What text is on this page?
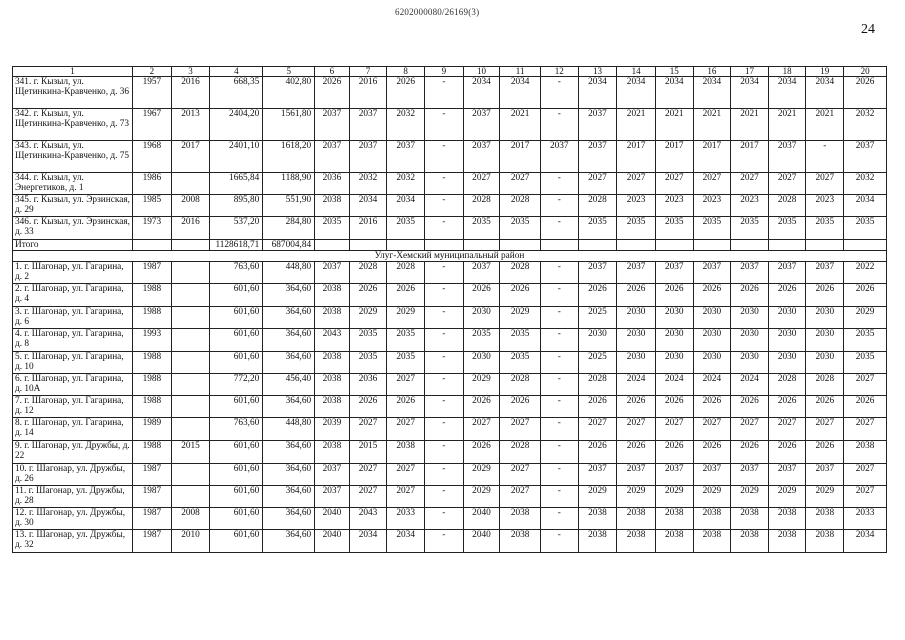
6202000080/26169(3)
24
1	2	3	4	5	6	7	8	9	10	11	12	13	14	15	16	17	18	19	20
341. г. Кызыл, ул. Щетинкина-Кравченко, д. 36	1957	2016	668,35	402,80	2026	2016	2026	-	2034	2034	-	2034	2034	2034	2034	2034	2034	2034	2026
342. г. Кызыл, ул. Щетинкина-Кравченко, д. 73	1967	2013	2404,20	1561,80	2037	2037	2032	-	2037	2021	-	2037	2021	2021	2021	2021	2021	2021	2032
343. г. Кызыл, ул. Щетинкина-Кравченко, д. 75	1968	2017	2401,10	1618,20	2037	2037	2037	-	2037	2017	2037	2037	2017	2017	2017	2017	2037	-	2037
344. г. Кызыл, ул. Энергетиков, д. 1	1986		1665,84	1188,90	2036	2032	2032	-	2027	2027	-	2027	2027	2027	2027	2027	2027	2027	2032
345. г. Кызыл, ул. Эрзинская, д. 29	1985	2008	895,80	551,90	2038	2034	2034	-	2028	2028	-	2028	2023	2023	2023	2023	2028	2023	2034
346. г. Кызыл, ул. Эрзинская, д. 33	1973	2016	537,20	284,80	2035	2016	2035	-	2035	2035	-	2035	2035	2035	2035	2035	2035	2035	2035
Итого			1128618,71	687004,84															
Улуг-Хемский муниципальный район																			
1. г. Шагонар, ул. Гагарина, д. 2	1987		763,60	448,80	2037	2028	2028	-	2037	2028	-	2037	2037	2037	2037	2037	2037	2037	2022
2. г. Шагонар, ул. Гагарина, д. 4	1988		601,60	364,60	2038	2026	2026	-	2026	2026	-	2026	2026	2026	2026	2026	2026	2026	2026
3. г. Шагонар, ул. Гагарина, д. 6	1988		601,60	364,60	2038	2029	2029	-	2030	2029	-	2025	2030	2030	2030	2030	2030	2030	2029
4. г. Шагонар, ул. Гагарина, д. 8	1993		601,60	364,60	2043	2035	2035	-	2035	2035	-	2030	2030	2030	2030	2030	2030	2030	2035
5. г. Шагонар, ул. Гагарина, д. 10	1988		601,60	364,60	2038	2035	2035	-	2030	2035	-	2025	2030	2030	2030	2030	2030	2030	2035
6. г. Шагонар, ул. Гагарина, д. 10А	1988		772,20	456,40	2038	2036	2027	-	2029	2028	-	2028	2024	2024	2024	2024	2028	2028	2027
7. г. Шагонар, ул. Гагарина, д. 12	1988		601,60	364,60	2038	2026	2026	-	2026	2026	-	2026	2026	2026	2026	2026	2026	2026	2026
8. г. Шагонар, ул. Гагарина, д. 14	1989		763,60	448,80	2039	2027	2027	-	2027	2027	-	2027	2027	2027	2027	2027	2027	2027	2027
9. г. Шагонар, ул. Дружбы, д. 22	1988	2015	601,60	364,60	2038	2015	2038	-	2026	2028	-	2026	2026	2026	2026	2026	2026	2026	2038
10. г. Шагонар, ул. Дружбы, д. 26	1987		601,60	364,60	2037	2027	2027	-	2029	2027	-	2037	2037	2037	2037	2037	2037	2037	2027
11. г. Шагонар, ул. Дружбы, д. 28	1987		601,60	364,60	2037	2027	2027	-	2029	2027	-	2029	2029	2029	2029	2029	2029	2029	2027
12. г. Шагонар, ул. Дружбы, д. 30	1987	2008	601,60	364,60	2040	2043	2033	-	2040	2038	-	2038	2038	2038	2038	2038	2038	2038	2033
13. г. Шагонар, ул. Дружбы, д. 32	1987	2010	601,60	364,60	2040	2034	2034	-	2040	2038	-	2038	2038	2038	2038	2038	2038	2038	2034
